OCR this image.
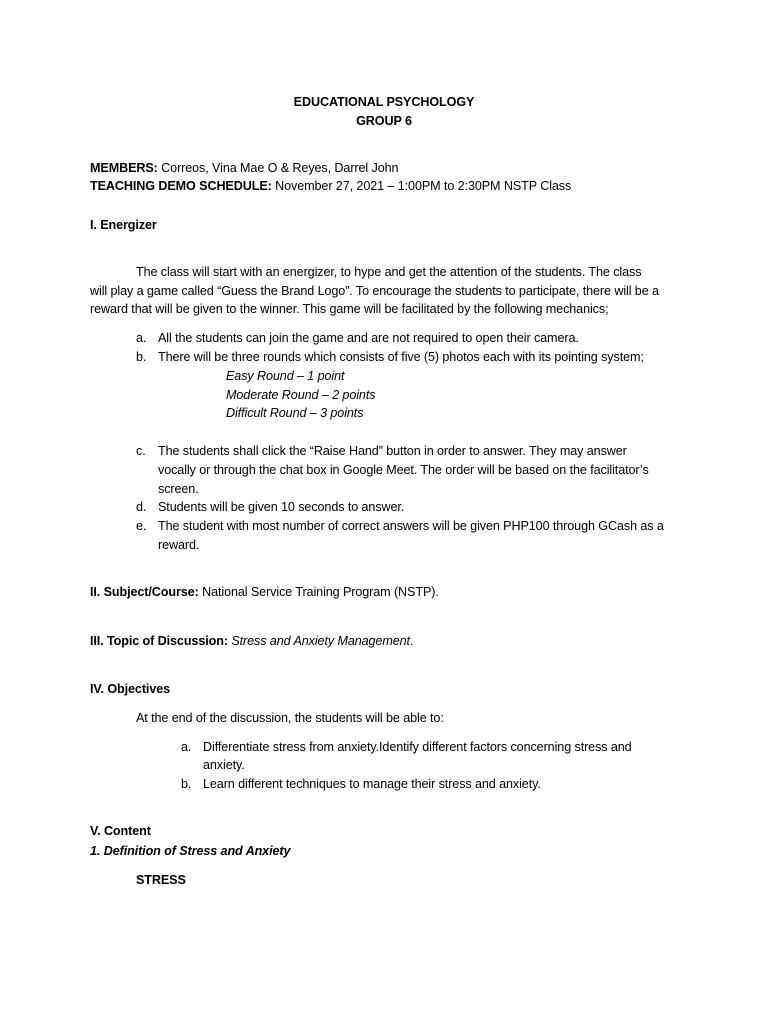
EDUCATIONAL PSYCHOLOGY
GROUP 6
MEMBERS: Correos, Vina Mae O & Reyes, Darrel John
TEACHING DEMO SCHEDULE: November 27, 2021 – 1:00PM to 2:30PM NSTP Class
I. Energizer
The class will start with an energizer, to hype and get the attention of the students. The class
will play a game called “Guess the Brand Logo”. To encourage the students to participate, there will be a
reward that will be given to the winner. This game will be facilitated by the following mechanics;
a. All the students can join the game and are not required to open their camera.
b. There will be three rounds which consists of five (5) photos each with its pointing system;
Easy Round – 1 point
Moderate Round – 2 points
Difficult Round – 3 points
c. The students shall click the “Raise Hand” button in order to answer. They may answer
vocally or through the chat box in Google Meet. The order will be based on the facilitator’s
screen.
d. Students will be given 10 seconds to answer.
e. The student with most number of correct answers will be given PHP100 through GCash as a
reward.
II. Subject/Course: National Service Training Program (NSTP).
III. Topic of Discussion: Stress and Anxiety Management.
IV. Objectives
At the end of the discussion, the students will be able to:
a. Differentiate stress from anxiety.Identify different factors concerning stress and
anxiety.
b. Learn different techniques to manage their stress and anxiety.
V. Content
1. Definition of Stress and Anxiety
STRESS
